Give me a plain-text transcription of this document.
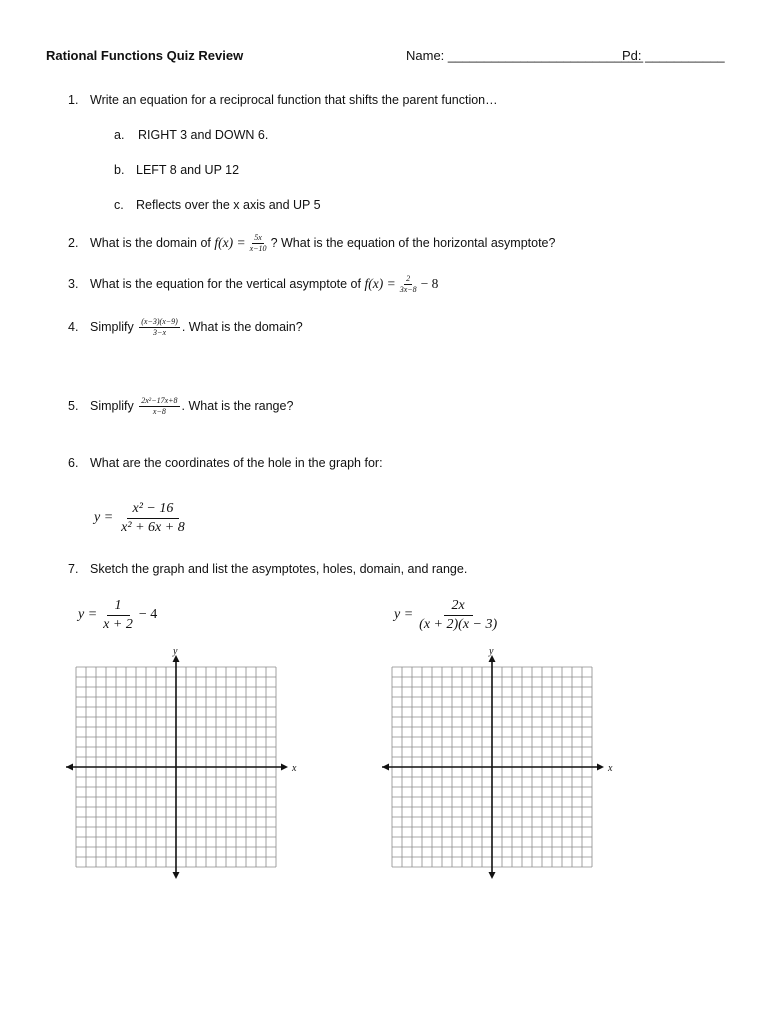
Rational Functions Quiz Review	Name: ___________________________
Pd: ___________
1. Write an equation for a reciprocal function that shifts the parent function…
a. RIGHT 3 and DOWN 6.
b. LEFT 8 and UP 12
c. Reflects over the x axis and UP 5
2. What is the domain of
$f(x) = \frac{5x}{x-10}$ ? What is the equation of the horizontal asymptote?
3. What is the equation for the vertical asymptote of
$f(x) = \frac{2}{3x-8} - 8$
4. Simplify
$\frac{(x-3)(x-9)}{3-x}$ . What is the domain?
5. Simplify
$\frac{\text{2x²−17x+8}}{x-8}$ . What is the range?
6. What are the coordinates of the hole in the graph for:
$y = \frac{\text{x² − 16}}{\text{x² + 6x + 8}}$
7. Sketch the graph and list the asymptotes, holes, domain, and range.
$y = \frac{1}{x + 2} - 4$	$y = \frac{2x}{(x + 2)(x - 3)}$
x
y
x
y
